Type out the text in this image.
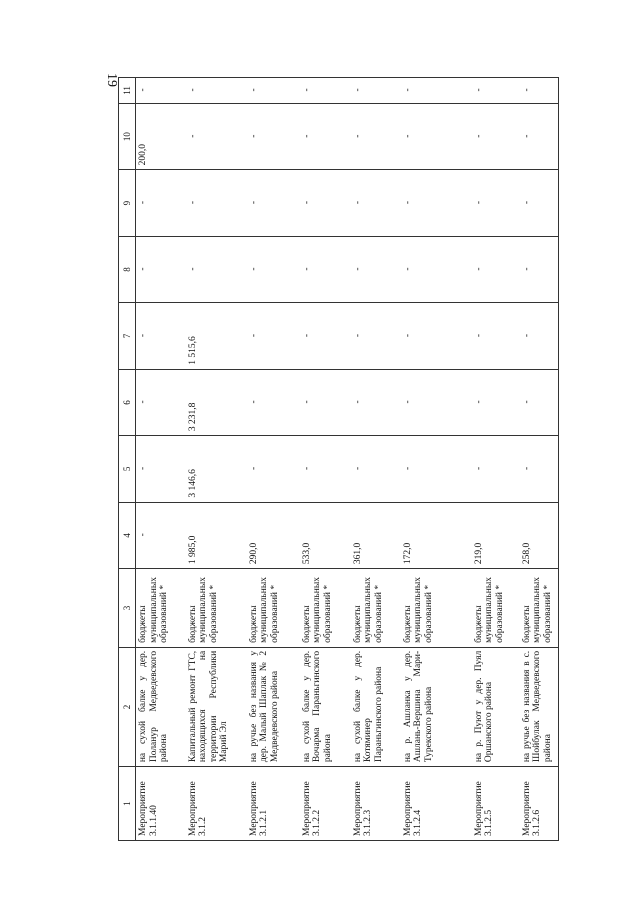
19
1	2	3	4	5	6	7	8	9	10	11
Мероприятие 3.1.1.40	на сухой балке у дер. Поланур Медведевского района	бюджеты муниципальных образований *	-	-	-	-	-	-	200,0	-
Мероприятие 3.1.2	Капитальный ремонт ГТС, находящихся на территории Республики Марий Эл	бюджеты муниципальных образований *	1 985,0	3 146,6	3 231,8	1 515,6	-	-	-	-
Мероприятие 3.1.2.1	на ручье без названия у дер. Малый Шаплак № 2 Медведевского района	бюджеты муниципальных образований *	290,0	-	-	-	-	-	-	-
Мероприятие 3.1.2.2	на сухой балке у дер. Вочарма Параньгинского района	бюджеты муниципальных образований *	533,0	-	-	-	-	-	-	-
Мероприятие 3.1.2.3	на сухой балке у дер. Котяминер Параньгинского района	бюджеты муниципальных образований *	361,0	-	-	-	-	-	-	-
Мероприятие 3.1.2.4	на р. Ашланка у дер. Ашлань-Вершина Мари-Турекского района	бюджеты муниципальных образований *	172,0	-	-	-	-	-	-	-
Мероприятие 3.1.2.5	на р. Пуют у дер. Пуял Оршанского района	бюджеты муниципальных образований *	219,0	-	-	-	-	-	-	-
Мероприятие 3.1.2.6	на ручье без названия в с. Шойбулак Медведевского района	бюджеты муниципальных образований *	258,0	-	-	-	-	-	-	-
